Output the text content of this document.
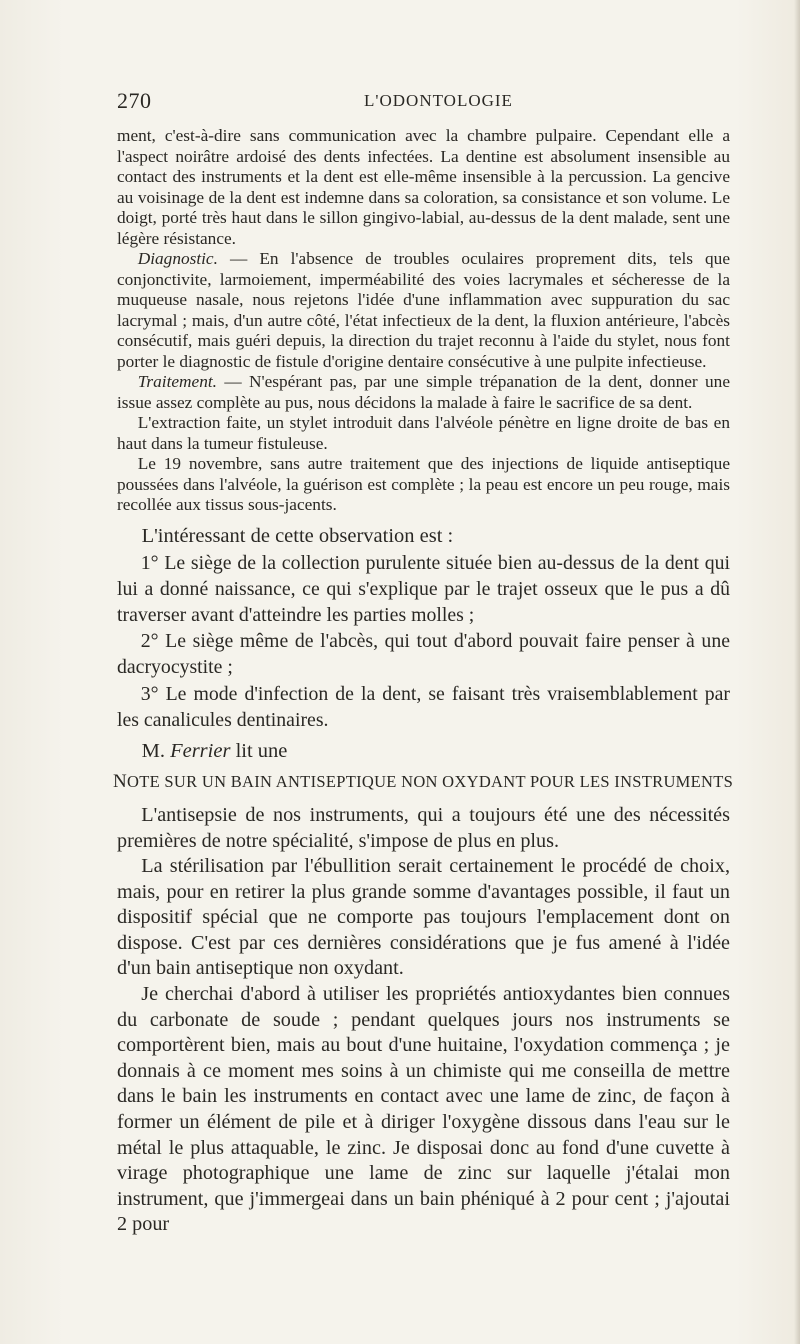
270	L'ODONTOLOGIE

ment, c'est-à-dire sans communication avec la chambre pulpaire. Cependant elle a l'aspect noirâtre ardoisé des dents infectées. La dentine est absolument insensible au contact des instruments et la dent est elle-même insensible à la percussion. La gencive au voisinage de la dent est indemne dans sa coloration, sa consistance et son volume. Le doigt, porté très haut dans le sillon gingivo-labial, au-dessus de la dent malade, sent une légère résistance.

Diagnostic. — En l'absence de troubles oculaires proprement dits, tels que conjonctivite, larmoiement, imperméabilité des voies lacrymales et sécheresse de la muqueuse nasale, nous rejetons l'idée d'une inflammation avec suppuration du sac lacrymal ; mais, d'un autre côté, l'état infectieux de la dent, la fluxion antérieure, l'abcès consécutif, mais guéri depuis, la direction du trajet reconnu à l'aide du stylet, nous font porter le diagnostic de fistule d'origine dentaire consécutive à une pulpite infectieuse.

Traitement. — N'espérant pas, par une simple trépanation de la dent, donner une issue assez complète au pus, nous décidons la malade à faire le sacrifice de sa dent.

L'extraction faite, un stylet introduit dans l'alvéole pénètre en ligne droite de bas en haut dans la tumeur fistuleuse.

Le 19 novembre, sans autre traitement que des injections de liquide antiseptique poussées dans l'alvéole, la guérison est complète ; la peau est encore un peu rouge, mais recollée aux tissus sous-jacents.

L'intéressant de cette observation est :

1° Le siège de la collection purulente située bien au-dessus de la dent qui lui a donné naissance, ce qui s'explique par le trajet osseux que le pus a dû traverser avant d'atteindre les parties molles ;

2° Le siège même de l'abcès, qui tout d'abord pouvait faire penser à une dacryocystite ;

3° Le mode d'infection de la dent, se faisant très vraisemblablement par les canalicules dentinaires.

M. Ferrier lit une

NOTE SUR UN BAIN ANTISEPTIQUE NON OXYDANT POUR LES INSTRUMENTS

L'antisepsie de nos instruments, qui a toujours été une des nécessités premières de notre spécialité, s'impose de plus en plus.

La stérilisation par l'ébullition serait certainement le procédé de choix, mais, pour en retirer la plus grande somme d'avantages possible, il faut un dispositif spécial que ne comporte pas toujours l'emplacement dont on dispose. C'est par ces dernières considérations que je fus amené à l'idée d'un bain antiseptique non oxydant.

Je cherchai d'abord à utiliser les propriétés antioxydantes bien connues du carbonate de soude ; pendant quelques jours nos instruments se comportèrent bien, mais au bout d'une huitaine, l'oxydation commença ; je donnais à ce moment mes soins à un chimiste qui me conseilla de mettre dans le bain les instruments en contact avec une lame de zinc, de façon à former un élément de pile et à diriger l'oxygène dissous dans l'eau sur le métal le plus attaquable, le zinc. Je disposai donc au fond d'une cuvette à virage photographique une lame de zinc sur laquelle j'étalai mon instrument, que j'immergeai dans un bain phéniqué à 2 pour cent ; j'ajoutai 2 pour
